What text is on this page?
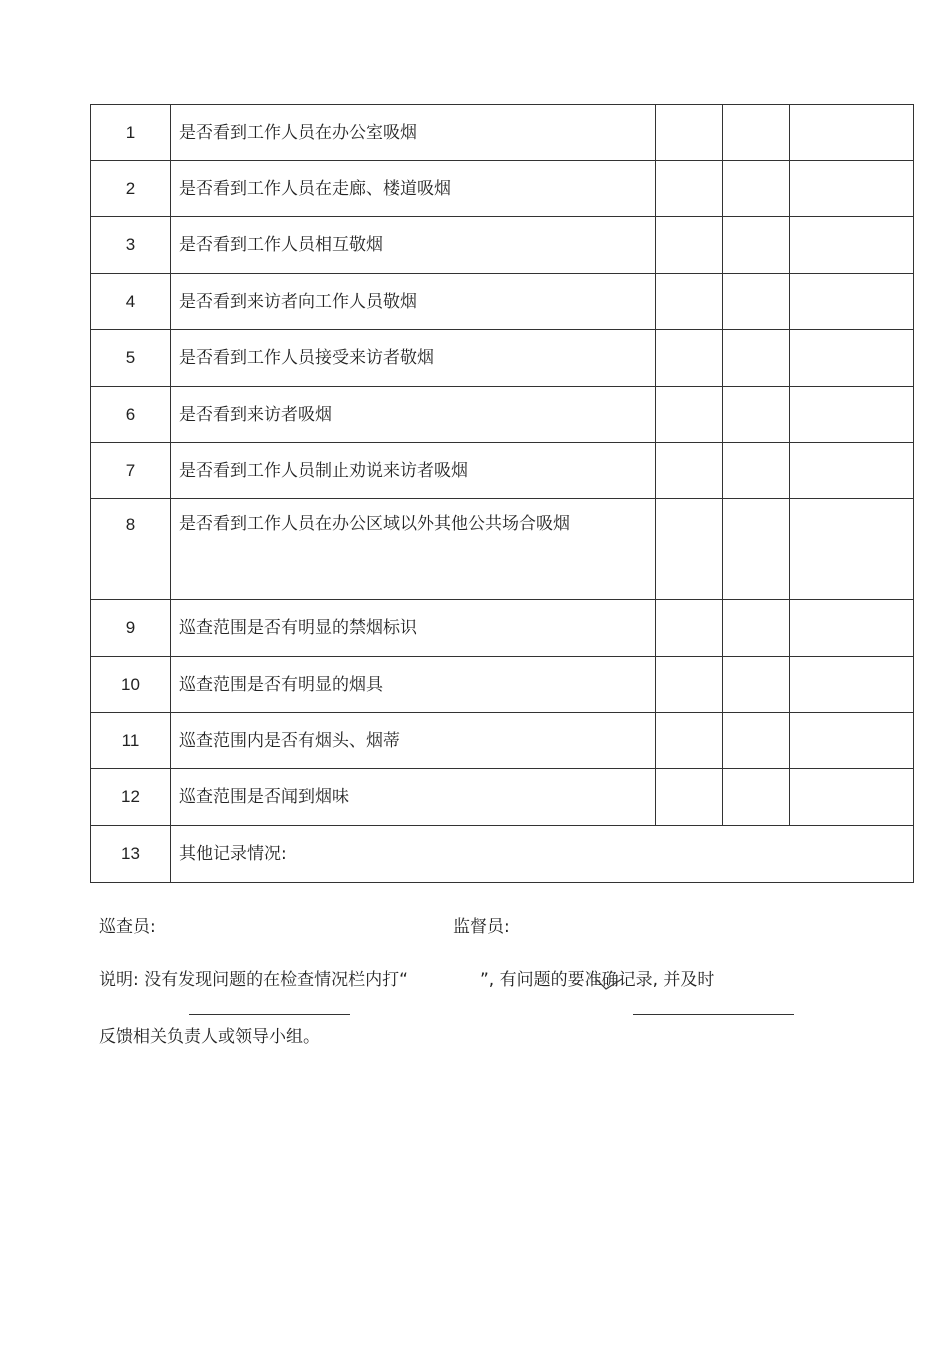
1	是否看到工作人员在办公室吸烟			
2	是否看到工作人员在走廊、楼道吸烟			
3	是否看到工作人员相互敬烟			
4	是否看到来访者向工作人员敬烟			
5	是否看到工作人员接受来访者敬烟			
6	是否看到来访者吸烟			
7	是否看到工作人员制止劝说来访者吸烟			
8	是否看到工作人员在办公区域以外其他公共场合吸烟			

9	巡查范围是否有明显的禁烟标识			
10	巡查范围是否有明显的烟具			
11	巡查范围内是否有烟头、烟蒂			
12	巡查范围是否闻到烟味			
13	其他记录情况:			
巡查员:	监督员:
说明: 没有发现问题的在检查情况栏内打“	”, 有问题的要准确记录, 并及时
反馈相关负责人或领导小组。
